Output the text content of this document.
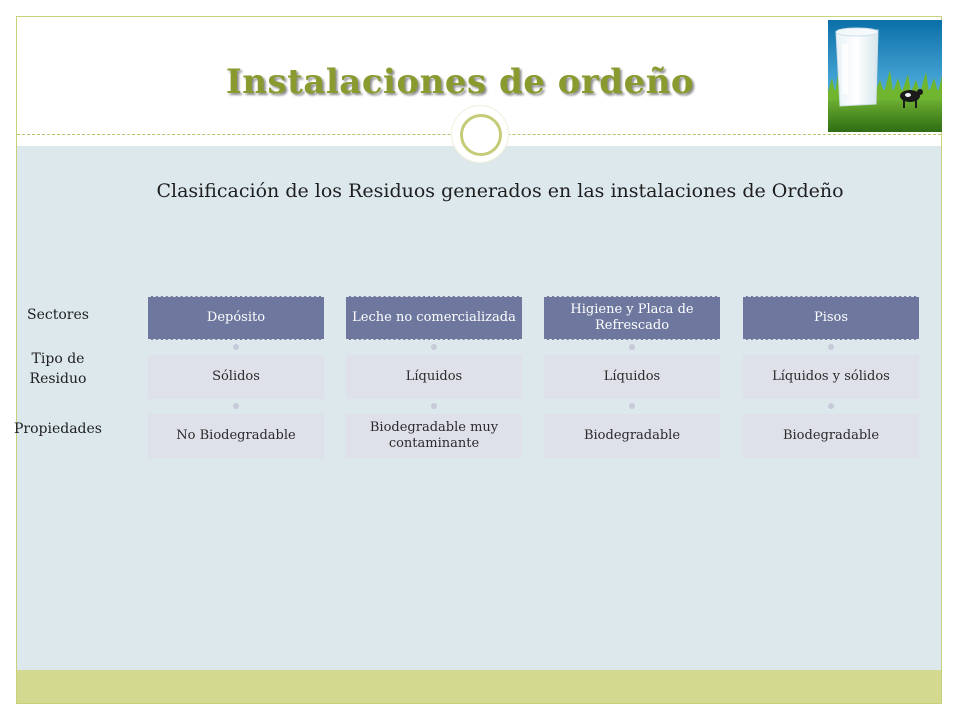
Instalaciones de ordeño
Clasificación de los Residuos generados en las instalaciones de Ordeño
Sectores
Tipo de Residuo
Propiedades
Depósito
Sólidos
No Biodegradable
Leche no comercializada
Líquidos
Biodegradable muy contaminante
Higiene y Placa de Refrescado
Líquidos
Biodegradable
Pisos
Líquidos y sólidos
Biodegradable
